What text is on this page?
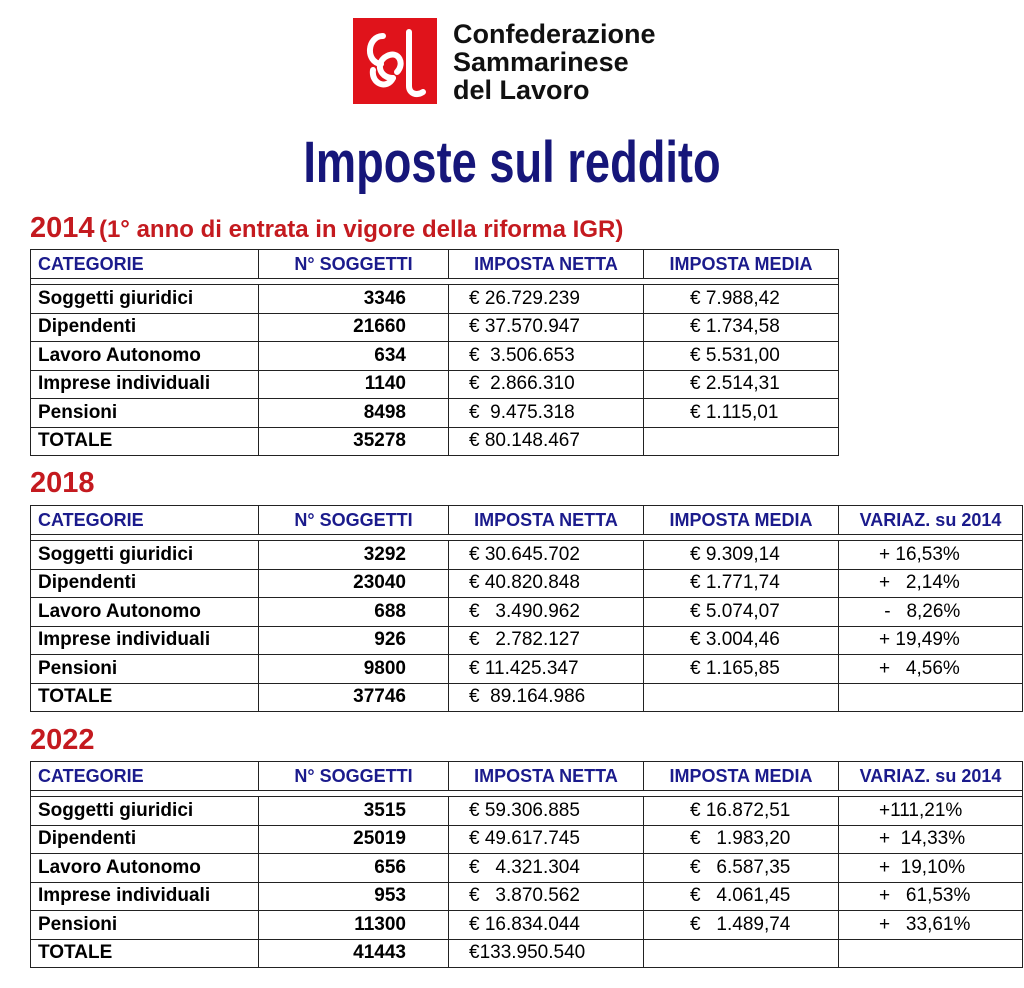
Confederazione
Sammarinese
del Lavoro
Imposte sul reddito
2014 (1° anno di entrata in vigore della riforma IGR)
CATEGORIE	N° SOGGETTI	IMPOSTA NETTA	IMPOSTA MEDIA

Soggetti giuridici	3346	€ 26.729.239	€ 7.988,42
Dipendenti	21660	€ 37.570.947	€ 1.734,58
Lavoro Autonomo	634	€  3.506.653	€ 5.531,00
Imprese individuali	1140	€  2.866.310	€ 2.514,31
Pensioni	8498	€  9.475.318	€ 1.115,01
TOTALE	35278	€ 80.148.467	
2018
CATEGORIE	N° SOGGETTI	IMPOSTA NETTA	IMPOSTA MEDIA	VARIAZ. su 2014

Soggetti giuridici	3292	€ 30.645.702	€ 9.309,14	+ 16,53%
Dipendenti	23040	€ 40.820.848	€ 1.771,74	+   2,14%
Lavoro Autonomo	688	€   3.490.962	€ 5.074,07	-   8,26%
Imprese individuali	926	€   2.782.127	€ 3.004,46	+ 19,49%
Pensioni	9800	€ 11.425.347	€ 1.165,85	+   4,56%
TOTALE	37746	€  89.164.986		
2022
CATEGORIE	N° SOGGETTI	IMPOSTA NETTA	IMPOSTA MEDIA	VARIAZ. su 2014

Soggetti giuridici	3515	€ 59.306.885	€ 16.872,51	+111,21%
Dipendenti	25019	€ 49.617.745	€   1.983,20	+  14,33%
Lavoro Autonomo	656	€   4.321.304	€   6.587,35	+  19,10%
Imprese individuali	953	€   3.870.562	€   4.061,45	+   61,53%
Pensioni	11300	€ 16.834.044	€   1.489,74	+   33,61%
TOTALE	41443	€133.950.540		
